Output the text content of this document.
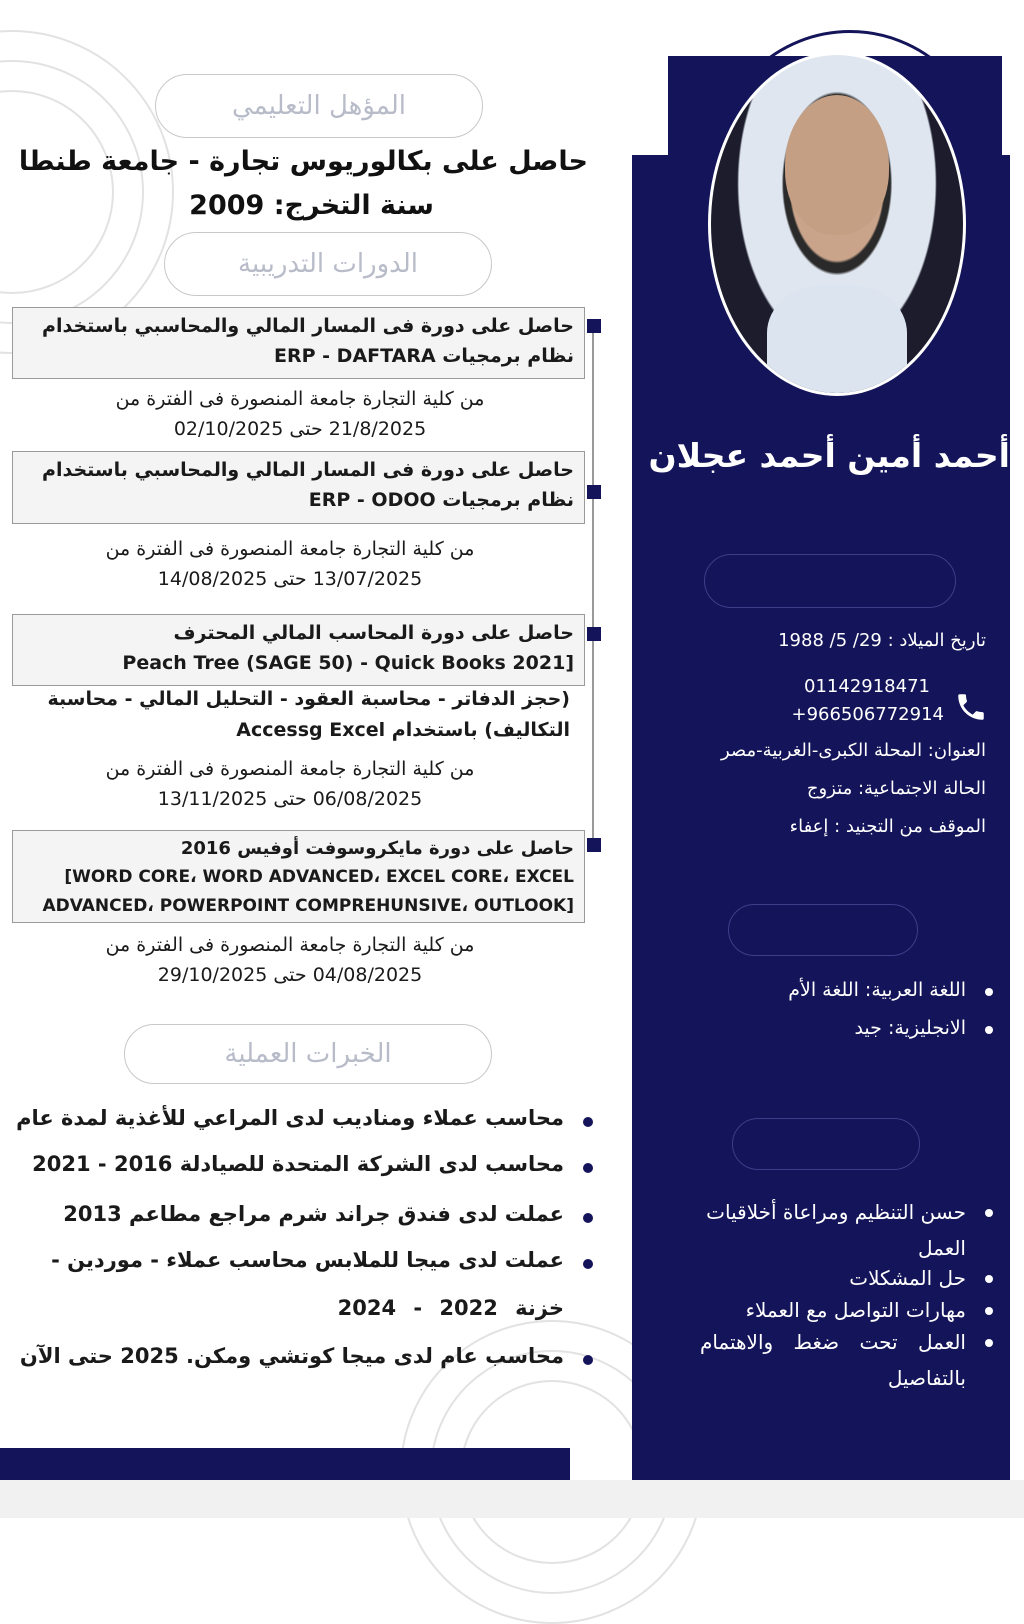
أحمد أمين أحمد عجلان
تاريخ الميلاد : 29/ 5/ 1988
01142918471
+966506772914
العنوان: المحلة الكبرى-الغربية-مصر
الحالة الاجتماعية: متزوج
الموقف من التجنيد : إعفاء
اللغة العربية: اللغة الأم
الانجليزية: جيد
حسن التنظيم ومراعاة أخلاقيات
العمل
حل المشكلات
مهارات التواصل مع العملاء
العمل تحت ضغط والاهتمام
بالتفاصيل
المؤهل التعليمي
حاصل على بكالوريوس تجارة - جامعة طنطا
سنة التخرج: 2009
الدورات التدريبية
حاصل على دورة فى المسار المالي والمحاسبي باستخدام
نظام برمجيات ERP - DAFTARA
من كلية التجارة جامعة المنصورة فى الفترة من
21/8/2025 حتى 02/10/2025
حاصل على دورة فى المسار المالي والمحاسبي باستخدام
نظام برمجيات ERP - ODOO
من كلية التجارة جامعة المنصورة فى الفترة من
13/07/2025 حتى 14/08/2025
حاصل على دورة المحاسب المالي المحترف
[Peach Tree (SAGE 50) - Quick Books 2021
(حجز الدفاتر - محاسبة العقود - التحليل المالي - محاسبة
التكاليف) باستخدام Accessg Excel
من كلية التجارة جامعة المنصورة فى الفترة من
06/08/2025 حتى 13/11/2025
حاصل على دورة مايكروسوفت أوفيس 2016
WORD CORE، WORD ADVANCED، EXCEL CORE، EXCEL]
[ADVANCED، POWERPOINT COMPREHUNSIVE، OUTLOOK
من كلية التجارة جامعة المنصورة فى الفترة من
04/08/2025 حتى 29/10/2025
الخبرات العملية
محاسب عملاء ومناديب لدى المراعي للأغذية لمدة عام
محاسب لدى الشركة المتحدة للصيادلة 2016 - 2021
عملت لدى فندق جراند شرم مراجع مطاعم 2013
عملت لدى ميجا للملابس محاسب عملاء - موردين -
خزنة 2022 - 2024
محاسب عام لدى ميجا كوتشي ومكن. 2025 حتى الآن
